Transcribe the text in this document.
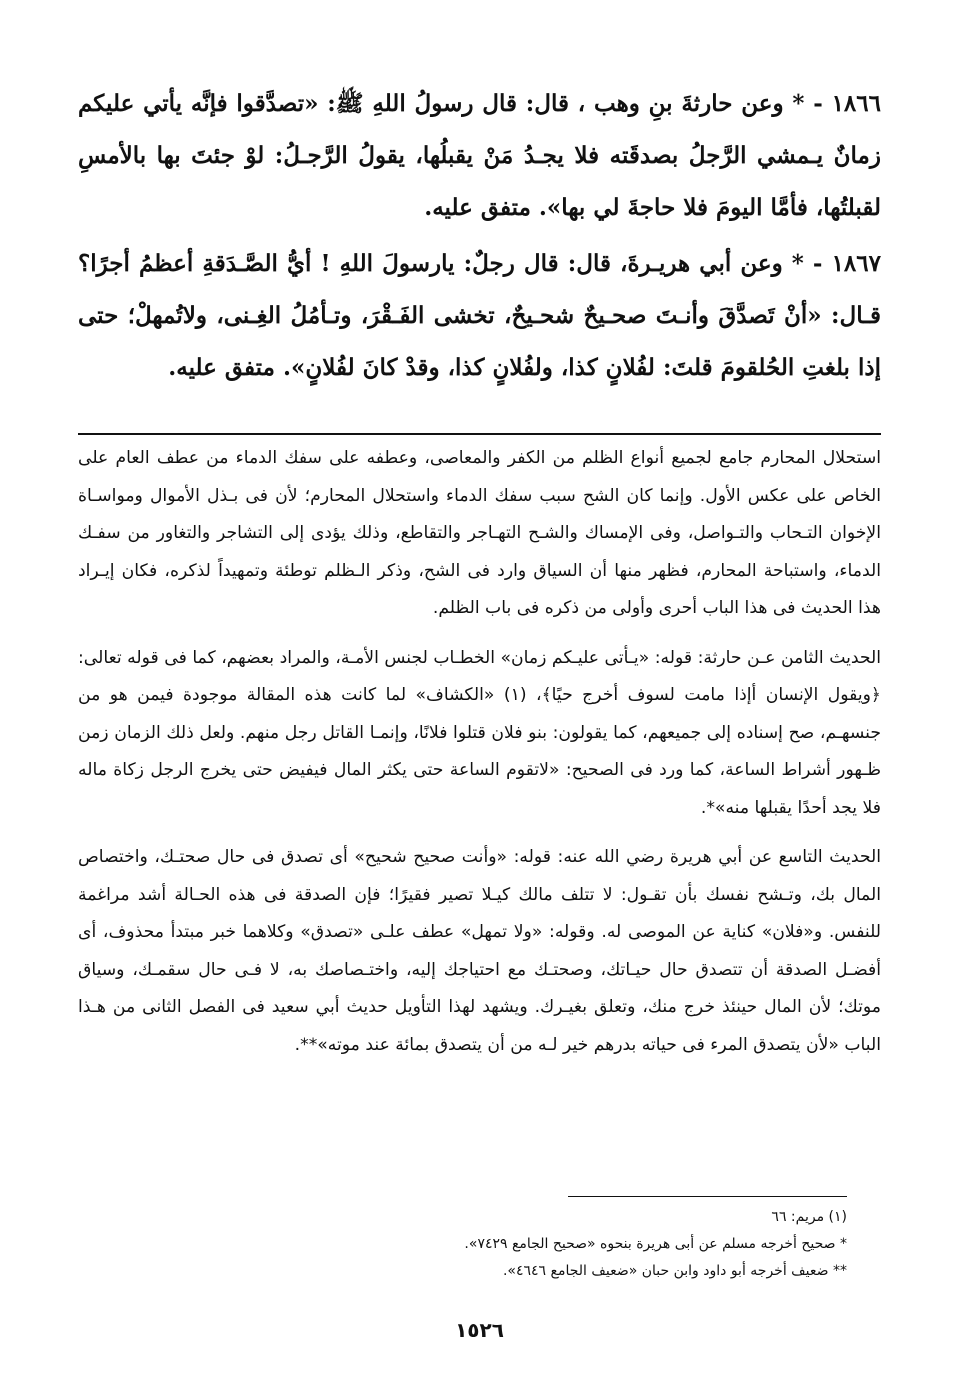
١٨٦٦ - * وعن حارثةَ بنِ وهب ، قال: قال رسولُ اللهِ ﷺ: «تصدَّقوا فإنَّه يأتي عليكم زمانٌ يـمشي الرَّجلُ بصدقَته فلا يجـدُ مَنْ يقبلُها، يقولُ الرَّجـلُ: لوْ جئتَ بها بالأمسِ لقبلتُها، فأمَّا اليومَ فلا حاجةَ لي بها». متفق عليه.

١٨٦٧ - * وعن أبي هريـرةَ، قال: قال رجلٌ: يارسولَ اللهِ ! أيُّ الصَّـدَقةِ أعظمُ أجرًا؟ قـال: «أنْ تَصدَّقَ وأنـتَ صحـيحٌ شحـيحٌ، تخشى الفَـقْرَ، وتـأمُلُ الغِـنى، ولاتُمهلْ؛ حتى إذا بلغتِ الحُلقومَ قلتَ: لفُلانٍ كذا، ولفُلانٍ كذا، وقدْ كانَ لفُلانٍ». متفق عليه.

استحلال المحارم جامع لجميع أنواع الظلم من الكفر والمعاصى، وعطفه على سفك الدماء من عطف العام على الخاص على عكس الأول. وإنما كان الشح سبب سفك الدماء واستحلال المحارم؛ لأن فى بـذل الأموال ومواسـاة الإخوان التـحاب والتـواصل، وفى الإمساك والشـح التهـاجر والتقاطع، وذلك يؤدى إلى التشاجر والتغاور من سفـك الدماء، واستباحة المحارم، فظهر منها أن السياق وارد فى الشح، وذكر الـظلم توطئة وتمهيداً لذكره، فكان إيـراد هذا الحديث فى هذا الباب أحرى وأولى من ذكره فى باب الظلم.

الحديث الثامن عـن حارثة: قوله: «يـأتى عليـكم زمان» الخطـاب لجنس الأمـة، والمراد بعضهم، كما فى قوله تعالى: ﴿ويقول الإنسان أإذا مامت لسوف أخرج حيًا﴾، (١) «الكشاف» لما كانت هذه المقالة موجودة فيمن هو من جنسهـم، صح إسناده إلى جميعهم، كما يقولون: بنو فلان قتلوا فلانًا، وإنمـا القاتل رجل منهم. ولعل ذلك الزمان زمن ظـهور أشراط الساعة، كما ورد فى الصحيح: «لاتقوم الساعة حتى يكثر المال فيفيض حتى يخرج الرجل زكاة ماله فلا يجد أحدًا يقبلها منه»*.

الحديث التاسع عن أبي هريرة رضي الله عنه: قوله: «وأنت صحيح شحيح» أى تصدق فى حال صحتـك، واختصاص المال بك، وتـشح نفسك بأن تقـول: لا تتلف مالك كيـلا تصير فقيرًا؛ فإن الصدقة فى هذه الحـالة أشد مراغمة للنفس. و«فلان» كناية عن الموصى له. وقوله: «ولا تمهل» عطف علـى «تصدق» وكلاهما خبر مبتدأ محذوف، أى أفضـل الصدقة أن تتصدق حال حيـاتك، وصحتـك مع احتياجك إليه، واختـصاصك به، لا فـى حال سقمـك، وسياق موتك؛ لأن المال حينئذ خرج منك، وتعلق بغيـرك. ويشهد لهذا التأويل حديث أبي سعيد فى الفصل الثانى من هـذا الباب «لأن يتصدق المرء فى حياته بدرهم خير لـه من أن يتصدق بمائة عند موته»**.

(١) مريم: ٦٦
* صحيح أخرجه مسلم عن أبى هريرة بنحوه «صحيح الجامع ٧٤٢٩».
** ضعيف أخرجه أبو داود وابن حبان «ضعيف الجامع ٤٦٤٦».
١٥٢٦
